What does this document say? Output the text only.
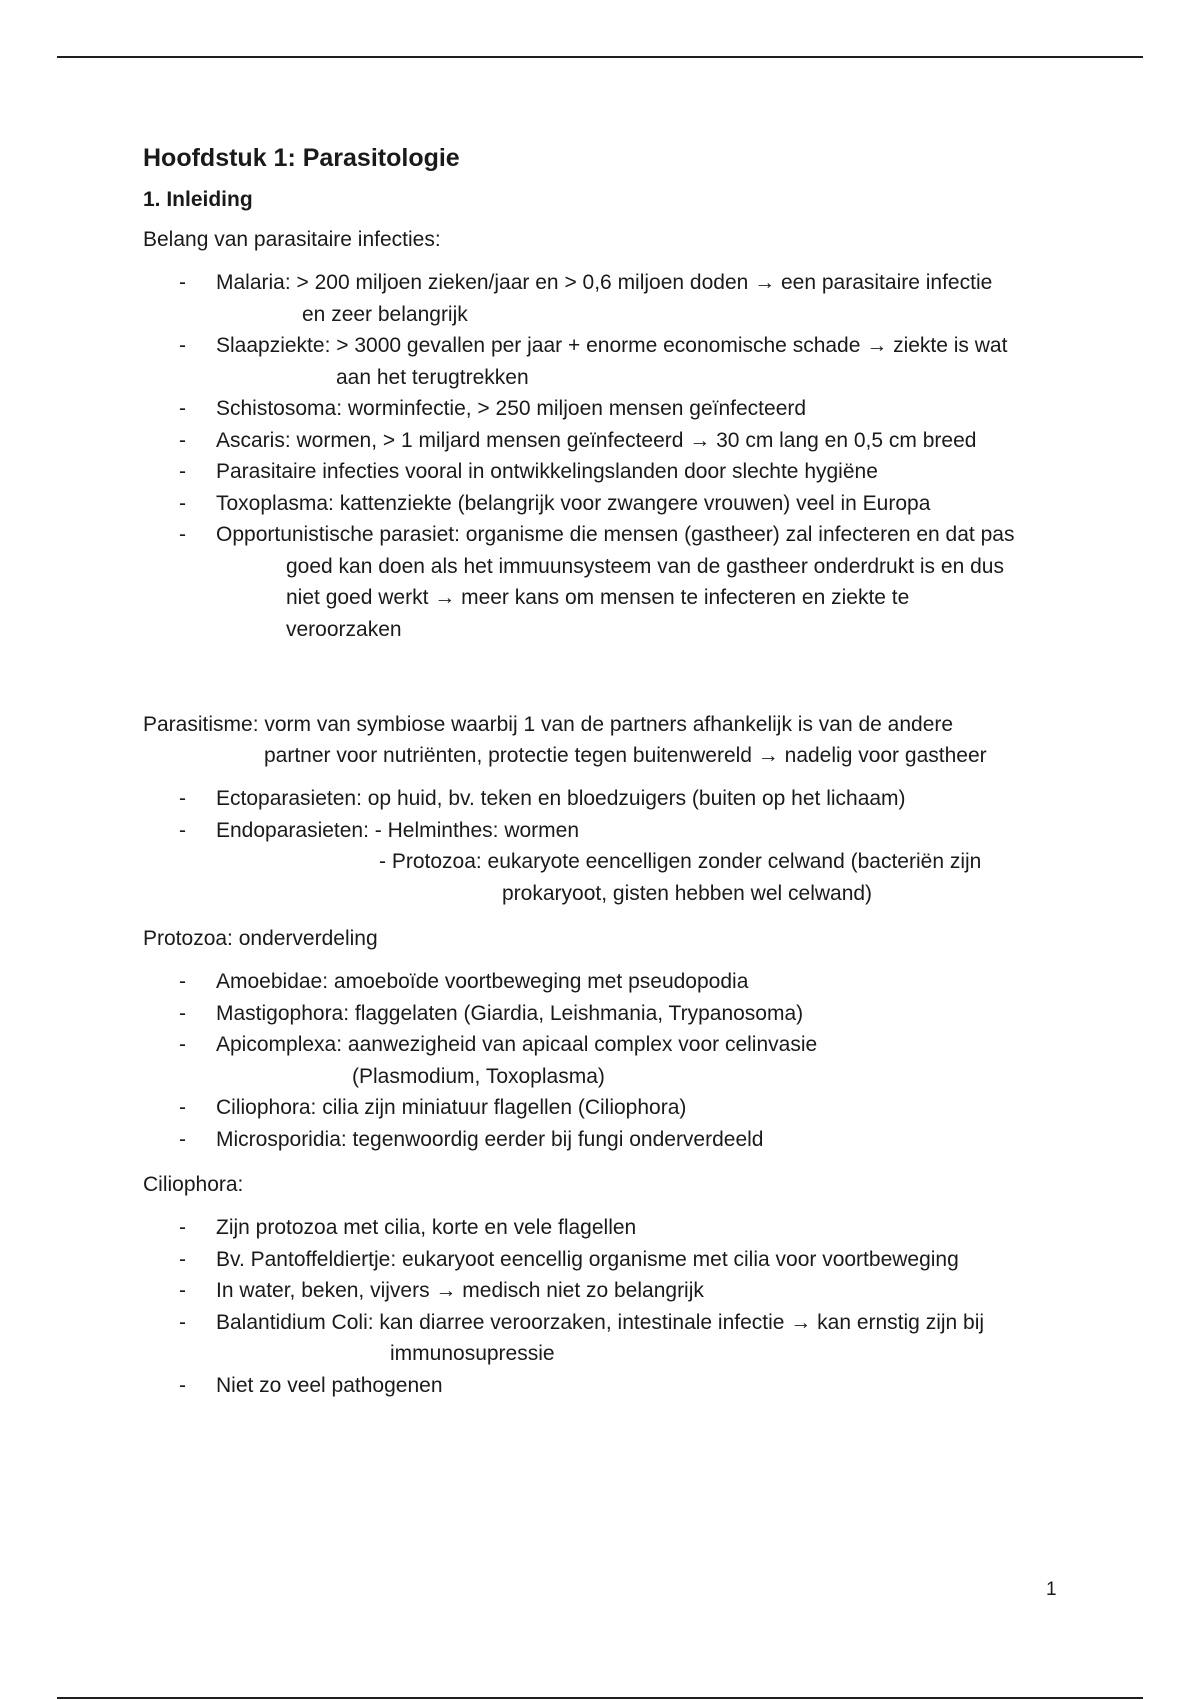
Hoofdstuk 1: Parasitologie
1. Inleiding

Belang van parasitaire infecties:

- Malaria: > 200 miljoen zieken/jaar en > 0,6 miljoen doden → een parasitaire infectie
en zeer belangrijk
- Slaapziekte: > 3000 gevallen per jaar + enorme economische schade → ziekte is wat
aan het terugtrekken
- Schistosoma: worminfectie, > 250 miljoen mensen geïnfecteerd
- Ascaris: wormen, > 1 miljard mensen geïnfecteerd → 30 cm lang en 0,5 cm breed
- Parasitaire infecties vooral in ontwikkelingslanden door slechte hygiëne
- Toxoplasma: kattenziekte (belangrijk voor zwangere vrouwen) veel in Europa
- Opportunistische parasiet: organisme die mensen (gastheer) zal infecteren en dat pas
goed kan doen als het immuunsysteem van de gastheer onderdrukt is en dus
niet goed werkt → meer kans om mensen te infecteren en ziekte te
veroorzaken

Parasitisme: vorm van symbiose waarbij 1 van de partners afhankelijk is van de andere
partner voor nutriënten, protectie tegen buitenwereld → nadelig voor gastheer

- Ectoparasieten: op huid, bv. teken en bloedzuigers (buiten op het lichaam)
- Endoparasieten: - Helminthes: wormen
- Protozoa: eukaryote eencelligen zonder celwand (bacteriën zijn
prokaryoot, gisten hebben wel celwand)

Protozoa: onderverdeling

- Amoebidae: amoeboïde voortbeweging met pseudopodia
- Mastigophora: flaggelaten (Giardia, Leishmania, Trypanosoma)
- Apicomplexa: aanwezigheid van apicaal complex voor celinvasie
(Plasmodium, Toxoplasma)
- Ciliophora: cilia zijn miniatuur flagellen (Ciliophora)
- Microsporidia: tegenwoordig eerder bij fungi onderverdeeld

Ciliophora:

- Zijn protozoa met cilia, korte en vele flagellen
- Bv. Pantoffeldiertje: eukaryoot eencellig organisme met cilia voor voortbeweging
- In water, beken, vijvers → medisch niet zo belangrijk
- Balantidium Coli: kan diarree veroorzaken, intestinale infectie → kan ernstig zijn bij
immunosupressie
- Niet zo veel pathogenen
1
